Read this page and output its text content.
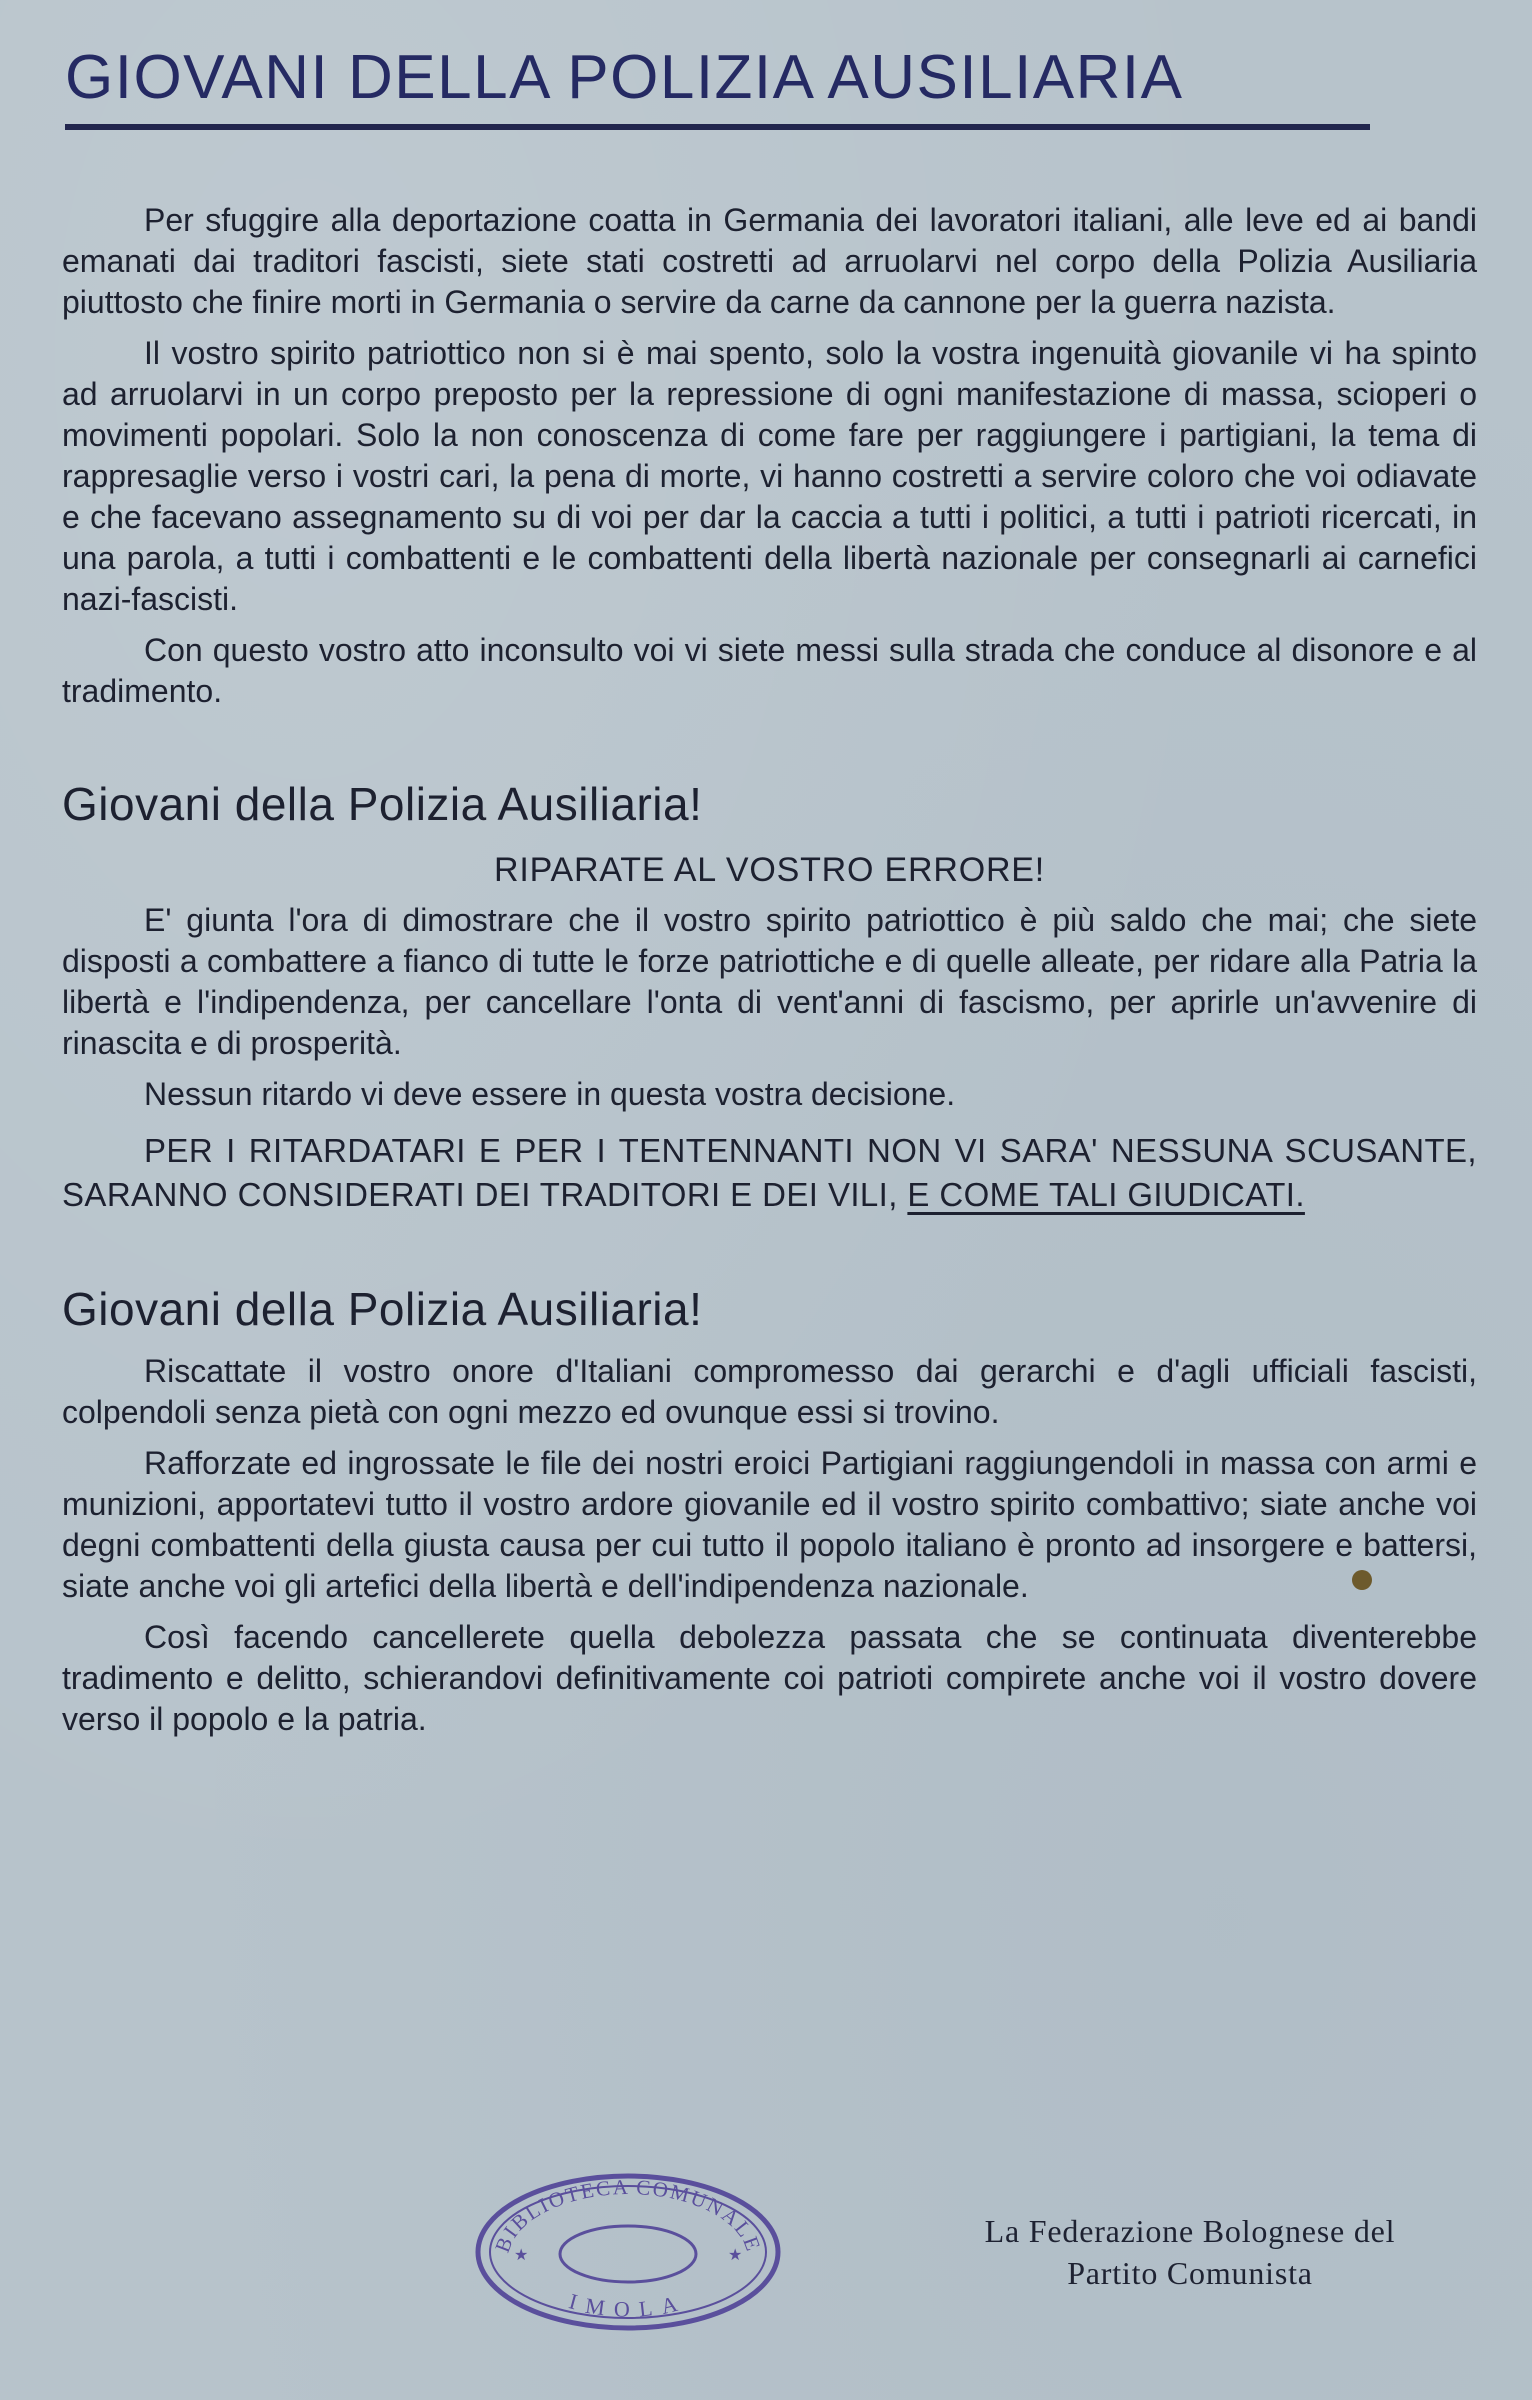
GIOVANI DELLA POLIZIA AUSILIARIA

Per sfuggire alla deportazione coatta in Germania dei lavoratori italiani, alle leve ed ai bandi emanati dai traditori fascisti, siete stati costretti ad arruolarvi nel corpo della Polizia Ausiliaria piuttosto che finire morti in Germania o servire da carne da cannone per la guerra nazista.

Il vostro spirito patriottico non si è mai spento, solo la vostra ingenuità giovanile vi ha spinto ad arruolarvi in un corpo preposto per la repressione di ogni manifestazione di massa, scioperi o movimenti popolari. Solo la non conoscenza di come fare per raggiungere i partigiani, la tema di rappresaglie verso i vostri cari, la pena di morte, vi hanno costretti a servire coloro che voi odiavate e che facevano assegnamento su di voi per dar la caccia a tutti i politici, a tutti i patrioti ricercati, in una parola, a tutti i combattenti e le combattenti della libertà nazionale per consegnarli ai carnefici nazi-fascisti.

Con questo vostro atto inconsulto voi vi siete messi sulla strada che conduce al disonore e al tradimento.

Giovani della Polizia Ausiliaria!
RIPARATE AL VOSTRO ERRORE!

E' giunta l'ora di dimostrare che il vostro spirito patriottico è più saldo che mai; che siete disposti a combattere a fianco di tutte le forze patriottiche e di quelle alleate, per ridare alla Patria la libertà e l'indipendenza, per cancellare l'onta di vent'anni di fascismo, per aprirle un'avvenire di rinascita e di prosperità.

Nessun ritardo vi deve essere in questa vostra decisione.

PER I RITARDATARI E PER I TENTENNANTI NON VI SARA' NESSUNA SCUSANTE, SARANNO CONSIDERATI DEI TRADITORI E DEI VILI, E COME TALI GIUDICATI.

Giovani della Polizia Ausiliaria!

Riscattate il vostro onore d'Italiani compromesso dai gerarchi e d'agli ufficiali fascisti, colpendoli senza pietà con ogni mezzo ed ovunque essi si trovino.

Rafforzate ed ingrossate le file dei nostri eroici Partigiani raggiungendoli in massa con armi e munizioni, apportatevi tutto il vostro ardore giovanile ed il vostro spirito combattivo; siate anche voi degni combattenti della giusta causa per cui tutto il popolo italiano è pronto ad insorgere e battersi, siate anche voi gli artefici della libertà e dell'indipendenza nazionale.

Così facendo cancellerete quella debolezza passata che se continuata diventerebbe tradimento e delitto, schierandovi definitivamente coi patrioti compirete anche voi il vostro dovere verso il popolo e la patria.

BIBLIOTECA COMUNALE
IMOLA
★	★
La Federazione Bolognese del
Partito Comunista
